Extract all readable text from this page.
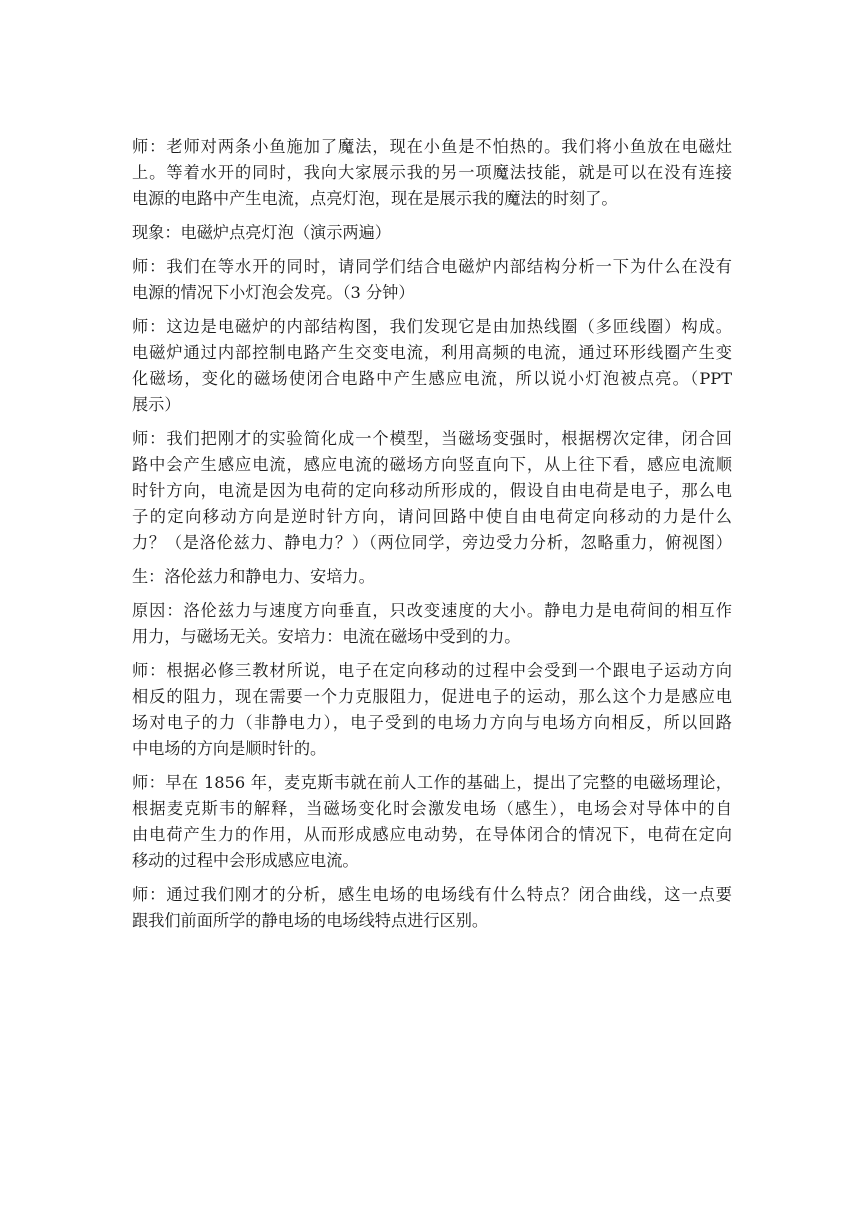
师：老师对两条小鱼施加了魔法，现在小鱼是不怕热的。我们将小鱼放在电磁灶
上。等着水开的同时，我向大家展示我的另一项魔法技能，就是可以在没有连接
电源的电路中产生电流，点亮灯泡，现在是展示我的魔法的时刻了。

现象：电磁炉点亮灯泡（演示两遍）

师：我们在等水开的同时，请同学们结合电磁炉内部结构分析一下为什么在没有
电源的情况下小灯泡会发亮。（3 分钟）

师：这边是电磁炉的内部结构图，我们发现它是由加热线圈（多匝线圈）构成。
电磁炉通过内部控制电路产生交变电流，利用高频的电流，通过环形线圈产生变
化磁场，变化的磁场使闭合电路中产生感应电流，所以说小灯泡被点亮。（PPT
展示）

师：我们把刚才的实验简化成一个模型，当磁场变强时，根据楞次定律，闭合回
路中会产生感应电流，感应电流的磁场方向竖直向下，从上往下看，感应电流顺
时针方向，电流是因为电荷的定向移动所形成的，假设自由电荷是电子，那么电
子的定向移动方向是逆时针方向，请问回路中使自由电荷定向移动的力是什么
力？（是洛伦兹力、静电力？）（两位同学，旁边受力分析，忽略重力，俯视图）

生：洛伦兹力和静电力、安培力。

原因：洛伦兹力与速度方向垂直，只改变速度的大小。静电力是电荷间的相互作
用力，与磁场无关。安培力：电流在磁场中受到的力。

师：根据必修三教材所说，电子在定向移动的过程中会受到一个跟电子运动方向
相反的阻力，现在需要一个力克服阻力，促进电子的运动，那么这个力是感应电
场对电子的力（非静电力），电子受到的电场力方向与电场方向相反，所以回路
中电场的方向是顺时针的。

师：早在 1856 年，麦克斯韦就在前人工作的基础上，提出了完整的电磁场理论，
根据麦克斯韦的解释，当磁场变化时会激发电场（感生），电场会对导体中的自
由电荷产生力的作用，从而形成感应电动势，在导体闭合的情况下，电荷在定向
移动的过程中会形成感应电流。

师：通过我们刚才的分析，感生电场的电场线有什么特点？闭合曲线，这一点要
跟我们前面所学的静电场的电场线特点进行区别。
